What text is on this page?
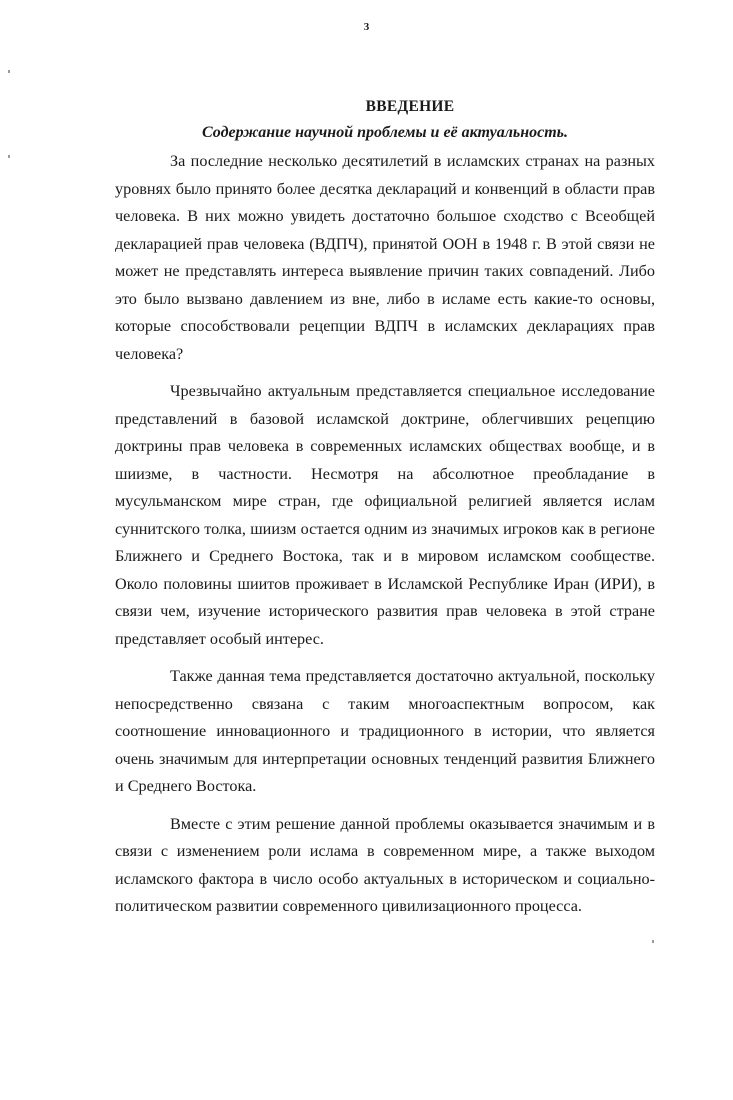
3
ВВЕДЕНИЕ
Содержание научной проблемы и её актуальность.

За последние несколько десятилетий в исламских странах на разных уровнях было принято более десятка деклараций и конвенций в области прав человека. В них можно увидеть достаточно большое сходство с Всеобщей декларацией прав человека (ВДПЧ), принятой ООН в 1948 г. В этой связи не может не представлять интереса выявление причин таких совпадений. Либо это было вызвано давлением из вне, либо в исламе есть какие-то основы, которые способствовали рецепции ВДПЧ в исламских декларациях прав человека?

Чрезвычайно актуальным представляется специальное исследование представлений в базовой исламской доктрине, облегчивших рецепцию доктрины прав человека в современных исламских обществах вообще, и в шиизме, в частности. Несмотря на абсолютное преобладание в мусульманском мире стран, где официальной религией является ислам суннитского толка, шиизм остается одним из значимых игроков как в регионе Ближнего и Среднего Востока, так и в мировом исламском сообществе. Около половины шиитов проживает в Исламской Республике Иран (ИРИ), в связи чем, изучение исторического развития прав человека в этой стране представляет особый интерес.

Также данная тема представляется достаточно актуальной, поскольку непосредственно связана с таким многоаспектным вопросом, как соотношение инновационного и традиционного в истории, что является очень значимым для интерпретации основных тенденций развития Ближнего и Среднего Востока.

Вместе с этим решение данной проблемы оказывается значимым и в связи с изменением роли ислама в современном мире, а также выходом исламского фактора в число особо актуальных в историческом и социально-политическом развитии современного цивилизационного процесса.
